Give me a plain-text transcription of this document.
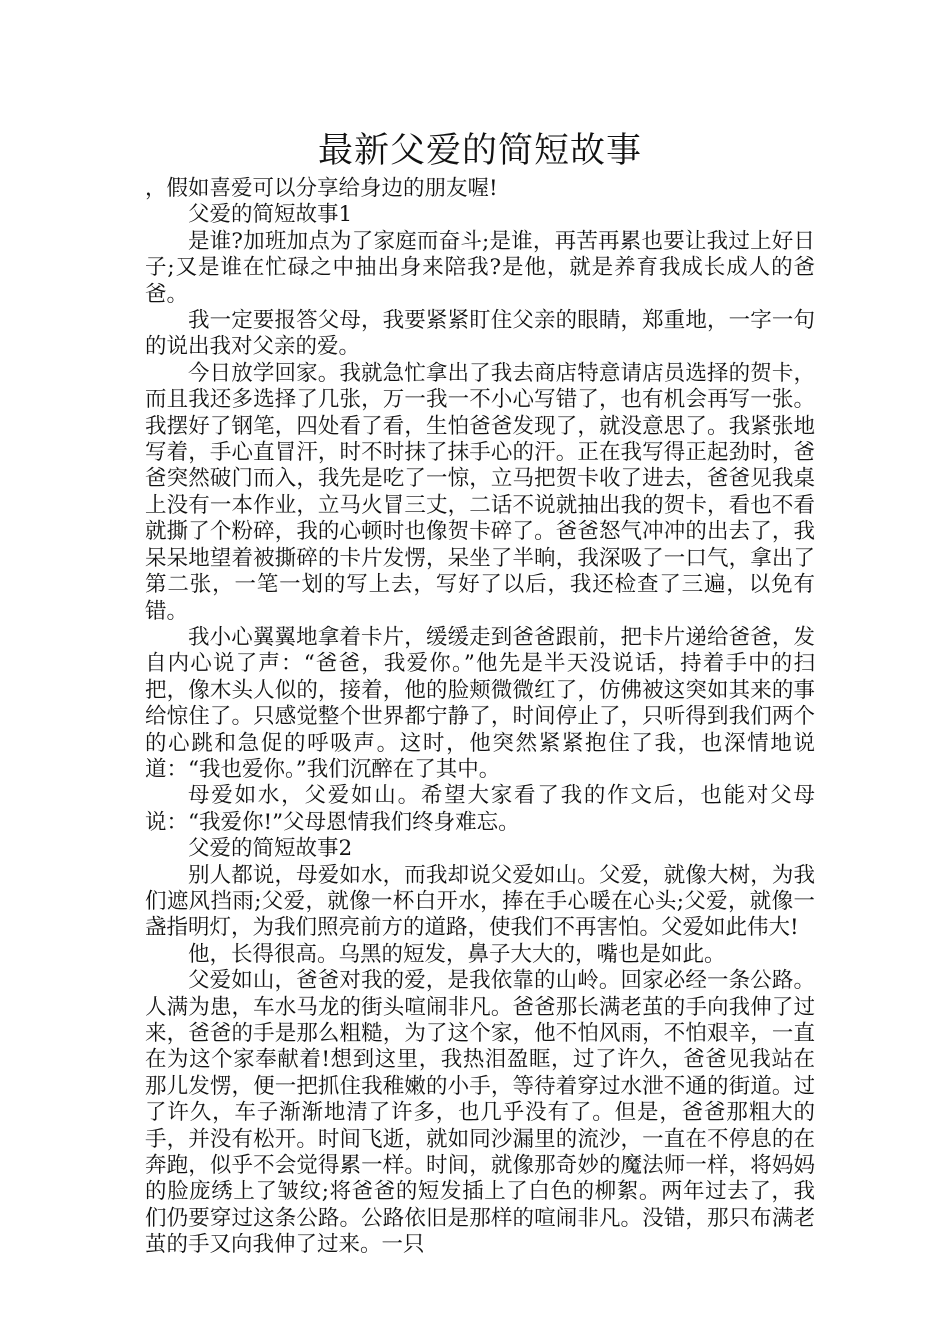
最新父爱的简短故事

，假如喜爱可以分享给身边的朋友喔!

父爱的简短故事1

是谁?加班加点为了家庭而奋斗;是谁，再苦再累也要让我过上好日子;又是谁在忙碌之中抽出身来陪我?是他，就是养育我成长成人的爸爸。

我一定要报答父母，我要紧紧盯住父亲的眼睛，郑重地，一字一句的说出我对父亲的爱。

今日放学回家。我就急忙拿出了我去商店特意请店员选择的贺卡，而且我还多选择了几张，万一我一不小心写错了，也有机会再写一张。我摆好了钢笔，四处看了看，生怕爸爸发现了，就没意思了。我紧张地写着，手心直冒汗，时不时抹了抹手心的汗。正在我写得正起劲时，爸爸突然破门而入，我先是吃了一惊，立马把贺卡收了进去，爸爸见我桌上没有一本作业，立马火冒三丈，二话不说就抽出我的贺卡，看也不看就撕了个粉碎，我的心顿时也像贺卡碎了。爸爸怒气冲冲的出去了，我呆呆地望着被撕碎的卡片发愣，呆坐了半晌，我深吸了一口气，拿出了第二张，一笔一划的写上去，写好了以后，我还检查了三遍，以免有错。

我小心翼翼地拿着卡片，缓缓走到爸爸跟前，把卡片递给爸爸，发自内心说了声：“爸爸，我爱你。”他先是半天没说话，持着手中的扫把，像木头人似的，接着，他的脸颊微微红了，仿佛被这突如其来的事给惊住了。只感觉整个世界都宁静了，时间停止了，只听得到我们两个的心跳和急促的呼吸声。这时，他突然紧紧抱住了我，也深情地说道：“我也爱你。”我们沉醉在了其中。

母爱如水，父爱如山。希望大家看了我的作文后，也能对父母说：“我爱你!”父母恩情我们终身难忘。

父爱的简短故事2

别人都说，母爱如水，而我却说父爱如山。父爱，就像大树，为我们遮风挡雨;父爱，就像一杯白开水，捧在手心暖在心头;父爱，就像一盏指明灯，为我们照亮前方的道路，使我们不再害怕。父爱如此伟大!

他，长得很高。乌黑的短发，鼻子大大的，嘴也是如此。

父爱如山，爸爸对我的爱，是我依靠的山岭。回家必经一条公路。人满为患，车水马龙的街头喧闹非凡。爸爸那长满老茧的手向我伸了过来，爸爸的手是那么粗糙，为了这个家，他不怕风雨，不怕艰辛，一直在为这个家奉献着!想到这里，我热泪盈眶，过了许久，爸爸见我站在那儿发愣，便一把抓住我稚嫩的小手，等待着穿过水泄不通的街道。过了许久，车子渐渐地清了许多，也几乎没有了。但是，爸爸那粗大的手，并没有松开。时间飞逝，就如同沙漏里的流沙，一直在不停息的在奔跑，似乎不会觉得累一样。时间，就像那奇妙的魔法师一样，将妈妈的脸庞绣上了皱纹;将爸爸的短发插上了白色的柳絮。两年过去了，我们仍要穿过这条公路。公路依旧是那样的喧闹非凡。没错，那只布满老茧的手又向我伸了过来。一只
